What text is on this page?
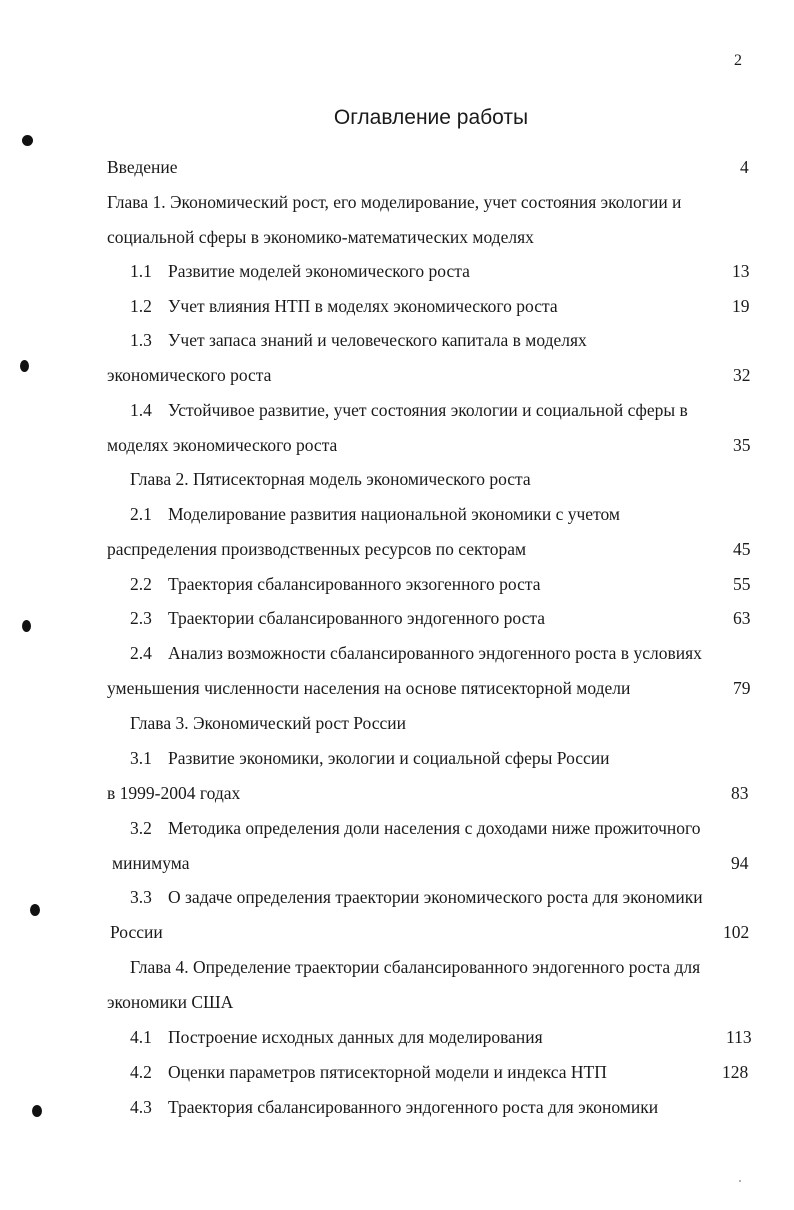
2
Оглавление работы
Введение	4
Глава 1. Экономический рост, его моделирование, учет состояния экологии и
социальной сферы в экономико-математических моделях
1.1 Развитие моделей экономического роста	13
1.2 Учет влияния НТП в моделях экономического роста	19
1.3 Учет запаса знаний и человеческого капитала в моделях
экономического роста	32
1.4 Устойчивое развитие, учет состояния экологии и социальной сферы в
моделях экономического роста	35
Глава 2. Пятисекторная модель экономического роста
2.1 Моделирование развития национальной экономики с учетом
распределения производственных ресурсов по секторам	45
2.2 Траектория сбалансированного экзогенного роста	55
2.3 Траектории сбалансированного эндогенного роста	63
2.4 Анализ возможности сбалансированного эндогенного роста в условиях
уменьшения численности населения на основе пятисекторной модели	79
Глава 3. Экономический рост России
3.1 Развитие экономики, экологии и социальной сферы России
в 1999-2004 годах	83
3.2 Методика определения доли населения с доходами ниже прожиточного
минимума	94
3.3 О задаче определения траектории экономического роста для экономики
России	102
Глава 4. Определение траектории сбалансированного эндогенного роста для
экономики США
4.1 Построение исходных данных для моделирования	113
4.2 Оценки параметров пятисекторной модели и индекса НТП	128
4.3 Траектория сбалансированного эндогенного роста для экономики
